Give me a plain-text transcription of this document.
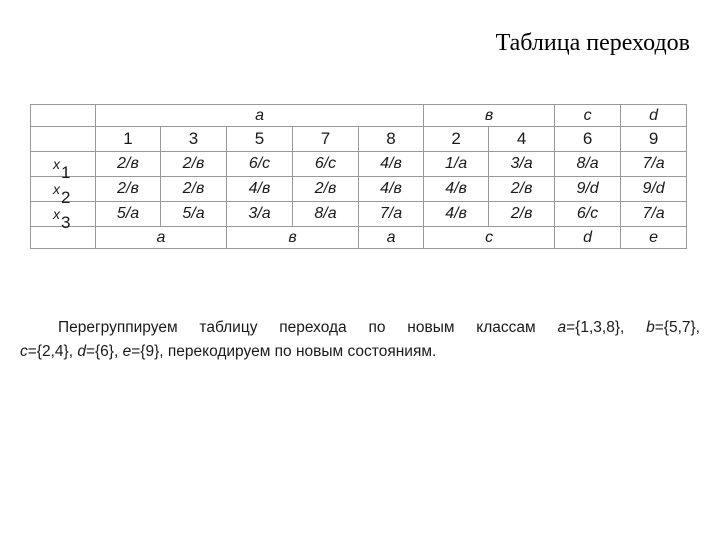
Таблица переходов
	а					в		с	d
	1	3	5	7	8	2	4	6	9
x1	2/в	2/в	6/с	6/с	4/в	1/а	3/а	8/а	7/а
x2	2/в	2/в	4/в	2/в	4/в	4/в	2/в	9/d	9/d
x3	5/а	5/а	3/а	8/а	7/а	4/в	2/в	6/с	7/а
	а		в		а	с		d	е
Перегруппируем таблицу перехода по новым классам a={1,3,8}, b={5,7},
c={2,4}, d={6}, e={9}, перекодируем по новым состояниям.
